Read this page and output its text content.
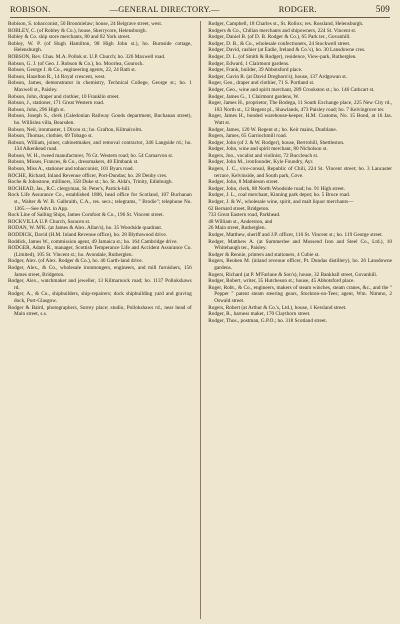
ROBISON.	—GENERAL DIRECTORY.—	RODGER.	509

Robison, S. tobacconist, 50 Broomielaw; house, 24 Belgrave street, west.

ROBLEY, C. (of Robley & Co.), house, Skerrycore, Helensburgh.

Robley & Co. ship store merchants, 80 and 82 York street.

Robley, W. P. (of Hugh Hamilton, 98 High John st.), ho. Burnside cottage, Helensburgh.

ROBSON, Rev. Chas. M.A. Pollok st. U.P. Church; ho. 326 Maxwell road.

Robson, G. J. (of Geo. J. Robson & Co.), ho. Moorlea, Gourock.

Robson, George J. & Co., engineering agents, 22, 24 Bath st.

Robson, Hazelton R., 14 Royal crescent, west.

Robson, James, demonstrator in chemistry, Technical College, George st.; ho. 1 Maxwell st., Paisley.

Robson, John, draper and clothier, 10 Franklin street.

Robson, J., stationer, 171 Great Western road.

Robson, John, 296 High st.

Robson, Joseph S., clerk (Caledonian Railway Goods department, Buchanan street), ho. Willislea villa, Bearsden.

Robson, Neil, ironmaster, 1 Dixon st.; ho. Grafton, Kilmalcolm.

Robson, Thomas, clothier, 69 Tobago st.

Robson, William, joiner, cabinetmaker, and removal contractor, 346 Langside rd.; ho. 134 Aikenhead road.

Robson, W. H., tweed manufacturer, 76 Gt. Western road; ho. 54 Carnarvon st.

Robson, Misses, Frances, & Co., dressmakers, 40 Elmbank st.

Robson, Miss A., stationer and tobacconist, 101 Byars road.

ROCHE, Richard, Inland Revenue officer, Port-Dundas; ho. 28 Denby cres.

Roche & Johnstone, milliners, 358 Duke st.; ho. St. Alda's, Trinity, Edinburgh.

ROCHEAD, Jas., R.C. clergyman, St. Peter's, Partick-hill.

Rock Life Assurance Co., established 1806, head office for Scotland, 107 Buchanan st., Walter & W. B. Galbraith, C.A., res. secs.; telegrams, " Brodie"; telephone No. 1365.—See Advt. in App.

Rock Line of Sailing Ships, James Cornfoot & Co., 196 St. Vincent street.

ROCKVILLA U.P. Church, Saracen st.

RODAN, W. M'K. (at James & Alex. Allan's), ho. 35 Woodside quadrant.

RODDICK, David (H.M. Inland Revenue office), ho. 28 Blythswood drive.

Roddick, James W., commission agent, 49 Jamaica st.; ho. 164 Cambridge drive.

RODGER, Adam R., manager, Scottish Temperance Life and Accident Assurance Co. (Limited), 105 St. Vincent st.; ho. Avondale, Rutherglen.

Rodger, Alex. (of Alex. Rodger & Co.), ho. 46 Garth-land drive.

Rodger, Alex., & Co., wholesale ironmongers, engineers, and mill furnishers, 156 James street, Bridgeton.

Rodger, Alex., watchmaker and jeweller, 13 Kilmarnock road; ho. 1137 Pollokshaws rd.

Rodger, A., & Co., shipbuilders, ship-repairers; dock shipbuilding yard and graving dock, Port-Glasgow.

Rodger & Baird, photographers, Surrey place; studio, Pollokshaws rd., near head of Main street, s.s.

Rodger, Campbell, 18 Charles st., St. Rollox; res. Rossland, Helensburgh.

Rodgers & Co., Chilian merchants and shipowners, 224 St. Vincent st.

Rodger, Daniel B. (of D. B. Rodger & Co.), 65 Park ter., Govanhill.

Rodger, D. B., & Co., wholesale confectioners, 24 Stockwell street.

Rodger, David, cashier (at Eadie, Ireland & Co.'s), ho. 30 Lansdowne cres.

Rodger, D. L. (of Smith & Rodger), residence, View-park, Rutherglen.

Rodger, Edward, 1 Clairmont gardens.

Rodger, Frank, builder, 39 Abbotsford place.

Rodger, Gavin R. (at David Dreghorn's), house, 137 Ardgowan st.

Roger, Geo., draper and clothier, 71 S. Portland st.

Rodger, Geo., wine and spirit merchant, 289 Crookston st.; ho. 146 Cathcart st.

Rodger, James G., 1 Clairmont gardens, W.

Roger, James H., proprietor, The Bodega, 11 South Exchange place, 225 New City rd., 183 North st., 12 Regent pl., Shawlands, 473 Paisley road; ho. 7 Kelvingrove ter.

Roger, James H., bonded warehouse-keeper, H.M. Customs, No. 15 Bond, at 16 Jas. Watt st.

Rodger, James, 120 W. Regent st.; ho. Keir mains, Dunblane.

Rogers, James, 65 Garriochmill road.

Rodger, John (of J. & W. Rodger), house, Bertrohill, Shettleston.

Rodger, John, wine and spirit merchant, 80 Nicholson st.

Rogers, Jno., vocalist and violinist, 72 Buccleuch st.

Rodger, John M., ironfounder, Kyle Foundry, Ayr.

Rogers, J. C., vice-consul, Republic of Chili, 224 St. Vincent street; ho. 3 Lancaster terrace, Kelvinside, and South park, Cove.

Rodger, John, 8 Mathieson street.

Rodger, John, clerk, 88 North Woodside road; ho. 91 High street.

Rodger, J. L., coal merchant, Kinning park depot; ho. 5 Bruce road.

Rodger, J. & W., wholesale wine, spirit, and malt liquor merchants—

62 Bernard street, Bridgeton.

733 Great Eastern road, Parkhead.

48 William st., Anderston, and

26 Main street, Rutherglen.

Rodger, Matthew, sheriff and J.P. officer, 116 St. Vincent st.; ho. 119 George street.

Rodger, Matthew A. (at Summerlee and Mossend Iron and Steel Co., Ltd.), 10 Whitehaugh ter., Paisley.

Rodger & Rennie, printers and stationers, 4 Cubie st.

Rogers, Reuben M. (inland revenue officer, Pt. Dundas distillery), ho. 26 Lansdowne gardens.

Rogers, Richard (at P. M'Farlane & Son's), house, 32 Bankhall street, Govanhill.

Rodger, Robert, writer, 35 Hutcheson st.; house, 45 Abbotsford place.

Roger, Robt., & Co., engineers, makers of steam winches, steam cranes, &c., and the " Pepper " patent steam steering gears, Stockton-on-Tees; agent, Wm. Nimmo, 2 Oswald street.

Rogers, Robert (at Arthur & Co.'s, Ltd.), house, 1 Kersland street.

Rodger, R., harness maker, 170 Claythorn street.

Rodger, Thos., postman, G.P.O.; ho. 318 Scotland street.
